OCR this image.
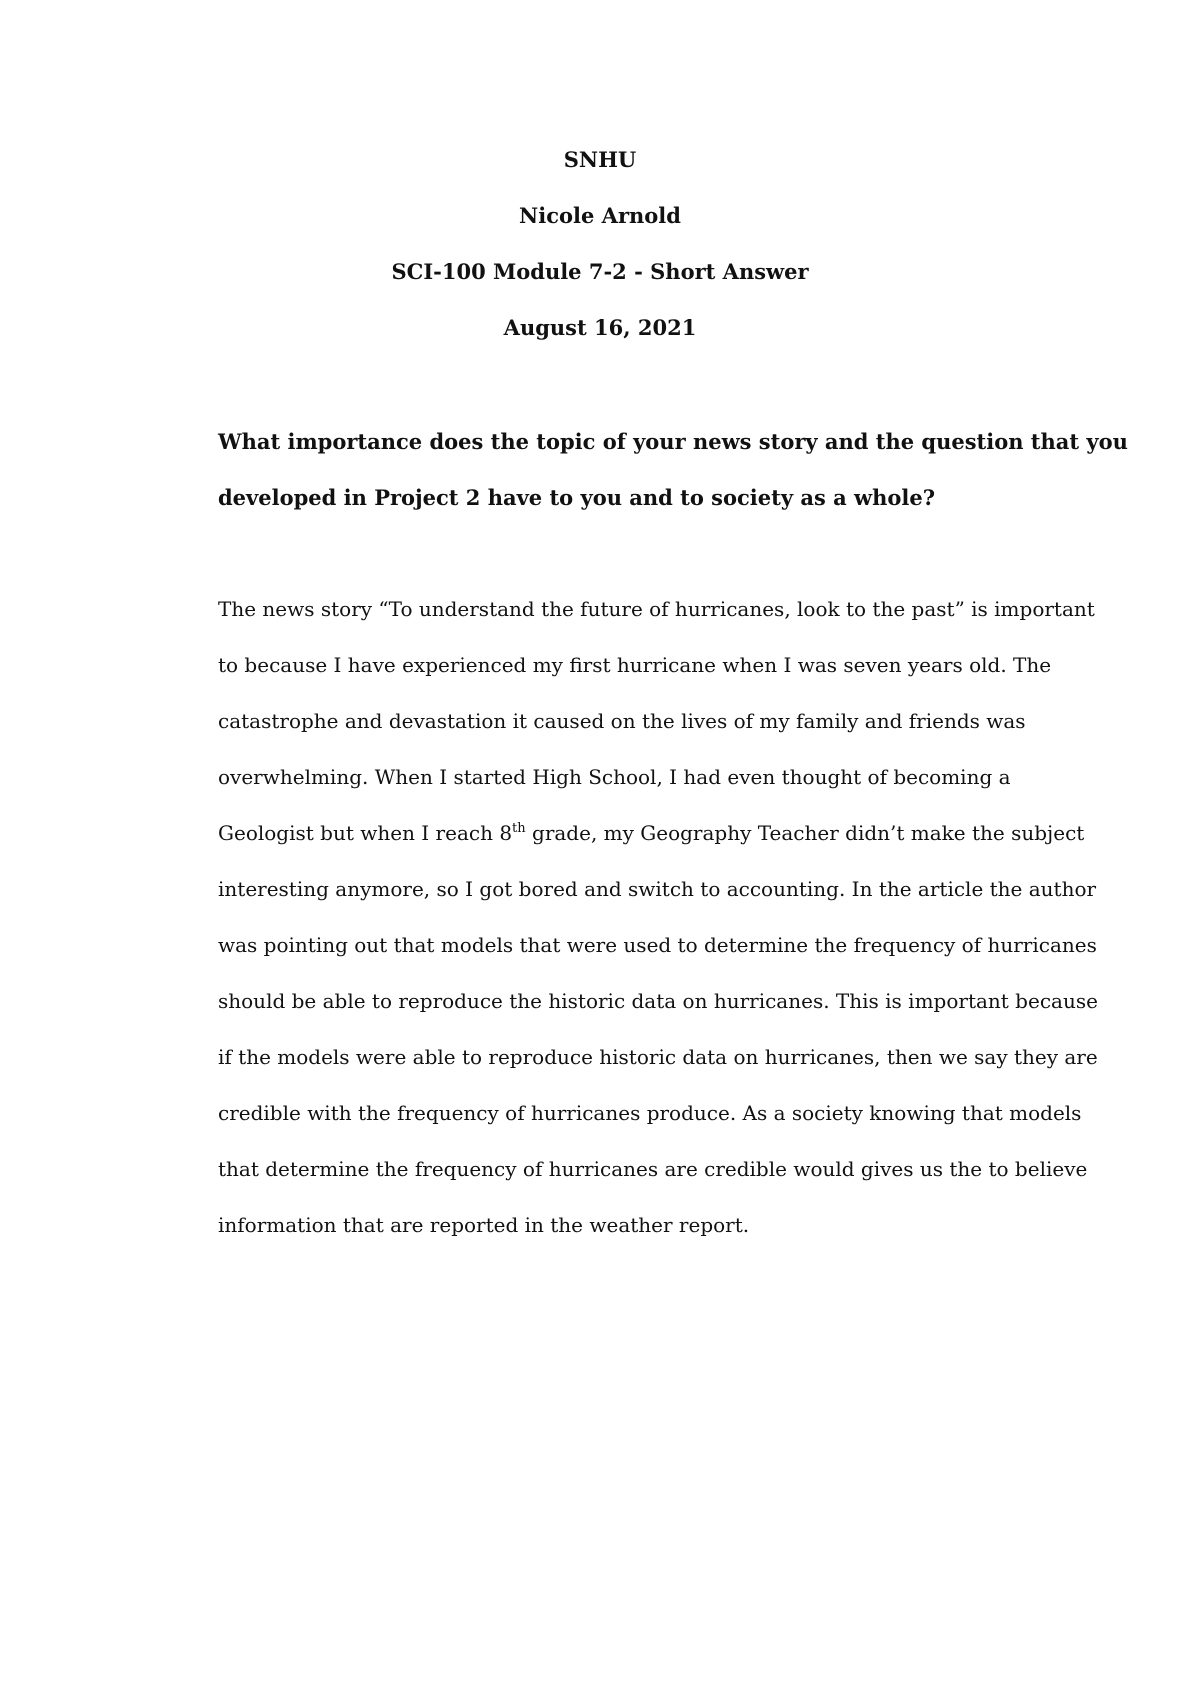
SNHU
Nicole Arnold
SCI-100 Module 7-2 - Short Answer
August 16, 2021
What importance does the topic of your news story and the question that you
developed in Project 2 have to you and to society as a whole?
The news story “To understand the future of hurricanes, look to the past” is important
to because I have experienced my first hurricane when I was seven years old. The
catastrophe and devastation it caused on the lives of my family and friends was
overwhelming. When I started High School, I had even thought of becoming a
Geologist but when I reach 8th grade, my Geography Teacher didn’t make the subject
interesting anymore, so I got bored and switch to accounting. In the article the author
was pointing out that models that were used to determine the frequency of hurricanes
should be able to reproduce the historic data on hurricanes. This is important because
if the models were able to reproduce historic data on hurricanes, then we say they are
credible with the frequency of hurricanes produce. As a society knowing that models
that determine the frequency of hurricanes are credible would gives us the to believe
information that are reported in the weather report.
